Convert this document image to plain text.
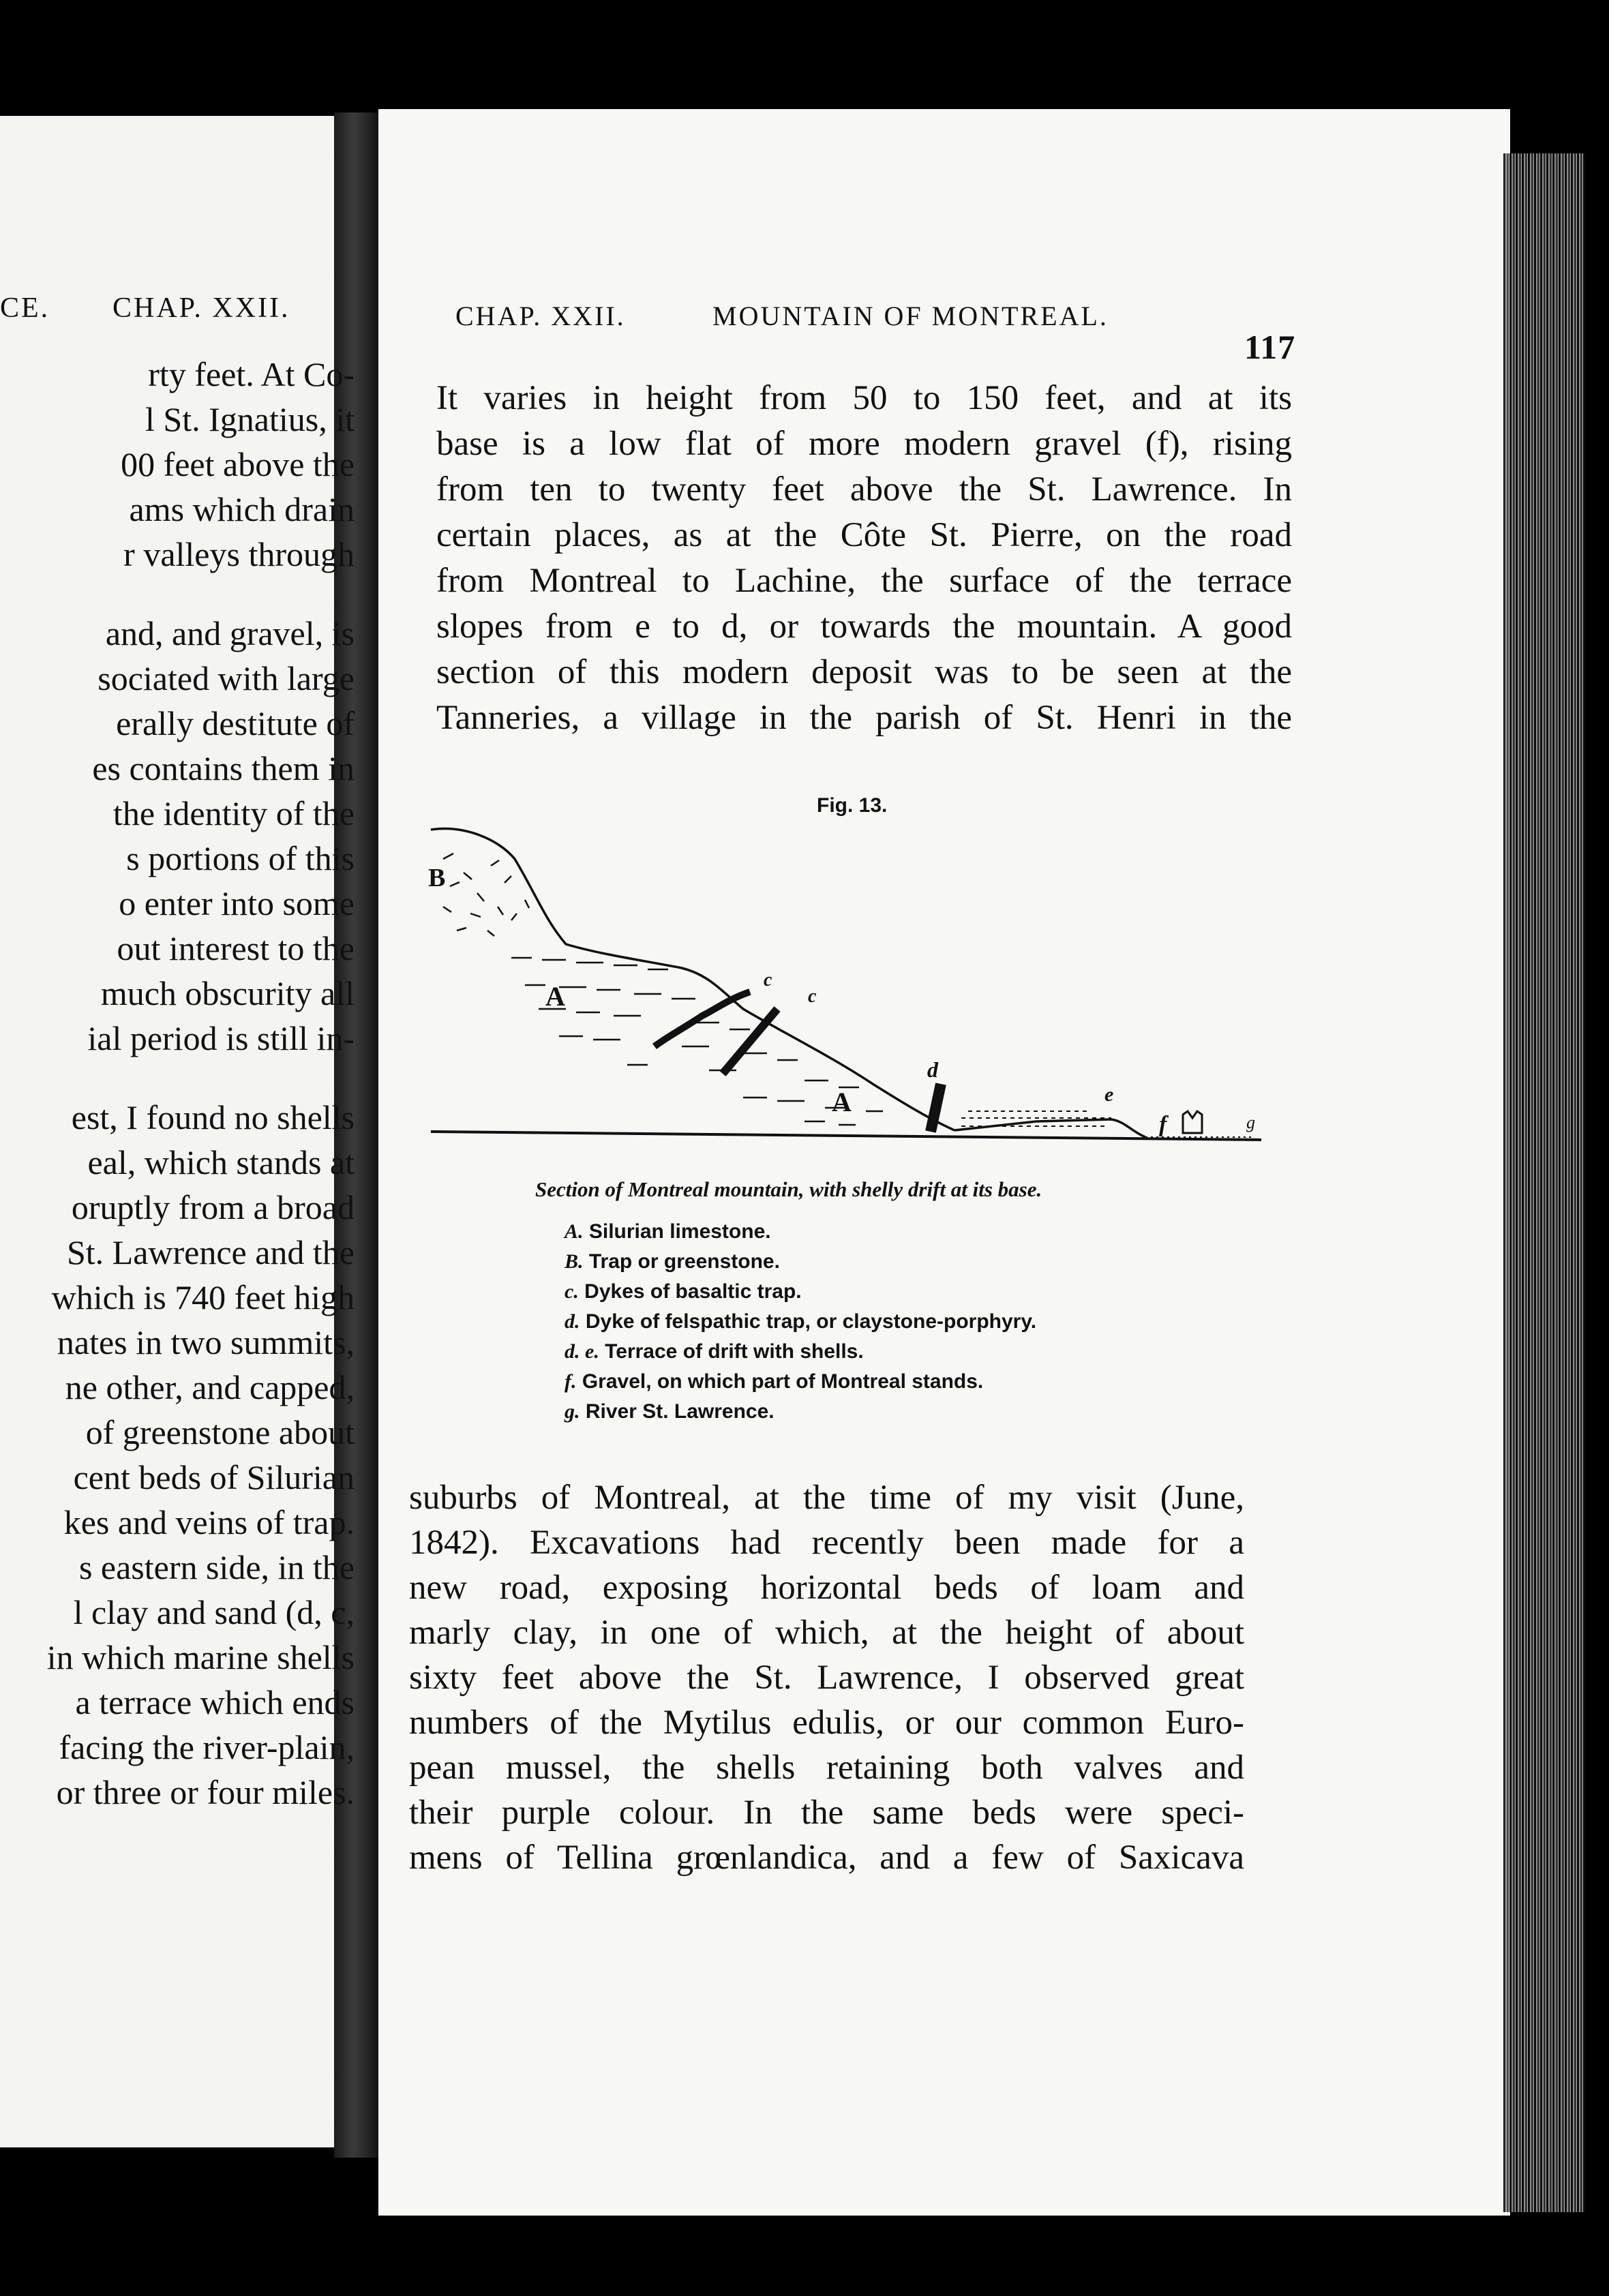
CE. CHAP. XXII.
rty feet. At Co-
l St. Ignatius, it
00 feet above the
ams which drain
r valleys through
and, and gravel, is
sociated with large
erally destitute of
es contains them in
the identity of the
s portions of this
o enter into some
out interest to the
much obscurity all
ial period is still in-
est, I found no shells
eal, which stands at
oruptly from a broad
St. Lawrence and the
which is 740 feet high
nates in two summits,
ne other, and capped,
of greenstone about
cent beds of Silurian
kes and veins of trap.
s eastern side, in the
l clay and sand (d, c,
in which marine shells
a terrace which ends
facing the river-plain,
or three or four miles.
CHAP. XXII.	MOUNTAIN OF MONTREAL.
117
It varies in height from 50 to 150 feet, and at its
base is a low flat of more modern gravel (f), rising
from ten to twenty feet above the St. Lawrence. In
certain places, as at the Côte St. Pierre, on the road
from Montreal to Lachine, the surface of the terrace
slopes from e to d, or towards the mountain. A good
section of this modern deposit was to be seen at the
Tanneries, a village in the parish of St. Henri in the
Fig. 13.
B
A
A
c
c
d
e
f	g
Section of Montreal mountain, with shelly drift at its base.
A. Silurian limestone.
B. Trap or greenstone.
c. Dykes of basaltic trap.
d. Dyke of felspathic trap, or claystone-porphyry.
d. e. Terrace of drift with shells.
f. Gravel, on which part of Montreal stands.
g. River St. Lawrence.
suburbs of Montreal, at the time of my visit (June,
1842). Excavations had recently been made for a
new road, exposing horizontal beds of loam and
marly clay, in one of which, at the height of about
sixty feet above the St. Lawrence, I observed great
numbers of the Mytilus edulis, or our common Euro-
pean mussel, the shells retaining both valves and
their purple colour. In the same beds were speci-
mens of Tellina grœnlandica, and a few of Saxicava
